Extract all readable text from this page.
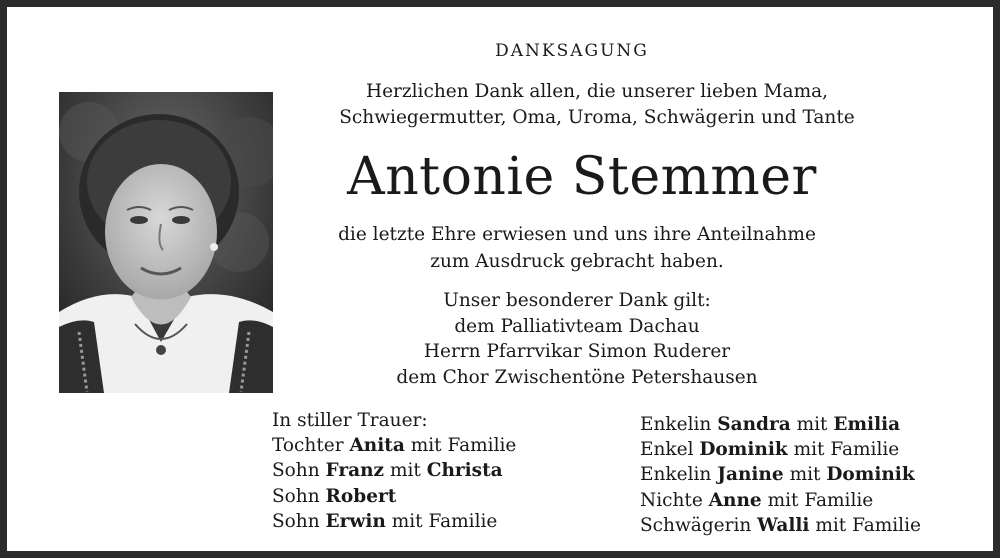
DANKSAGUNG
Herzlichen Dank allen, die unserer lieben Mama,
Schwiegermutter, Oma, Uroma, Schwägerin und Tante
Antonie Stemmer
die letzte Ehre erwiesen und uns ihre Anteilnahme
zum Ausdruck gebracht haben.
Unser besonderer Dank gilt:
dem Palliativteam Dachau
Herrn Pfarrvikar Simon Ruderer
dem Chor Zwischentöne Petershausen
In stiller Trauer:
Tochter Anita mit Familie
Sohn Franz mit Christa
Sohn Robert
Sohn Erwin mit Familie
Enkelin Sandra mit Emilia
Enkel Dominik mit Familie
Enkelin Janine mit Dominik
Nichte Anne mit Familie
Schwägerin Walli mit Familie
